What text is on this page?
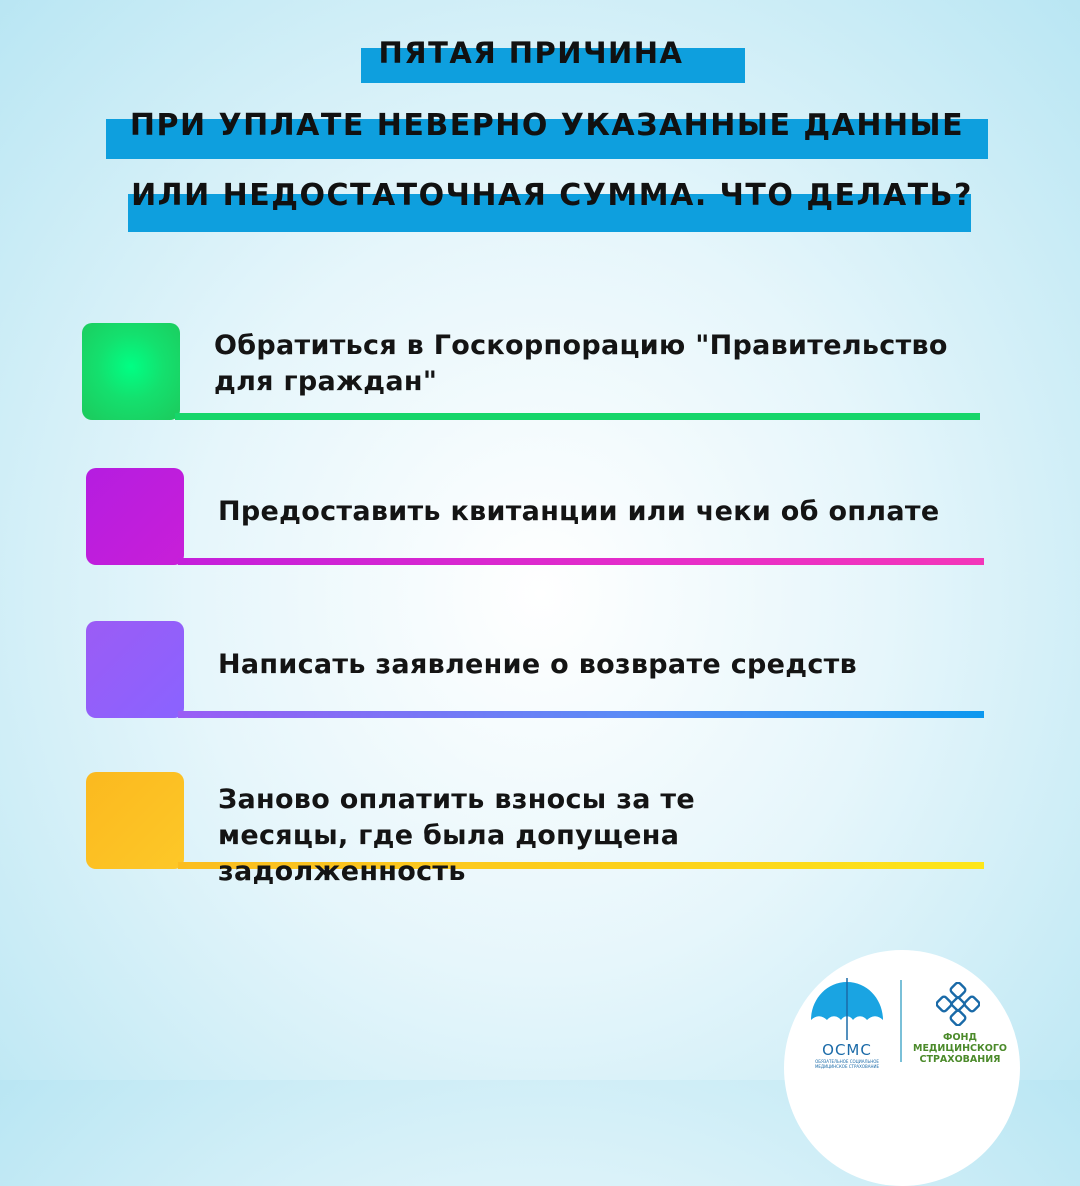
ПЯТАЯ ПРИЧИНА
ПРИ УПЛАТЕ НЕВЕРНО УКАЗАННЫЕ ДАННЫЕ
ИЛИ НЕДОСТАТОЧНАЯ СУММА. ЧТО ДЕЛАТЬ?
Обратиться в Госкорпорацию "Правительство для граждан"
Предоставить квитанции или чеки об оплате
Написать заявление о возврате средств
Заново оплатить взносы за те месяцы, где была допущена задолженность
ОСМС
ОБЯЗАТЕЛЬНОЕ СОЦИАЛЬНОЕ МЕДИЦИНСКОЕ СТРАХОВАНИЕ
ФОНД МЕДИЦИНСКОГО СТРАХОВАНИЯ
